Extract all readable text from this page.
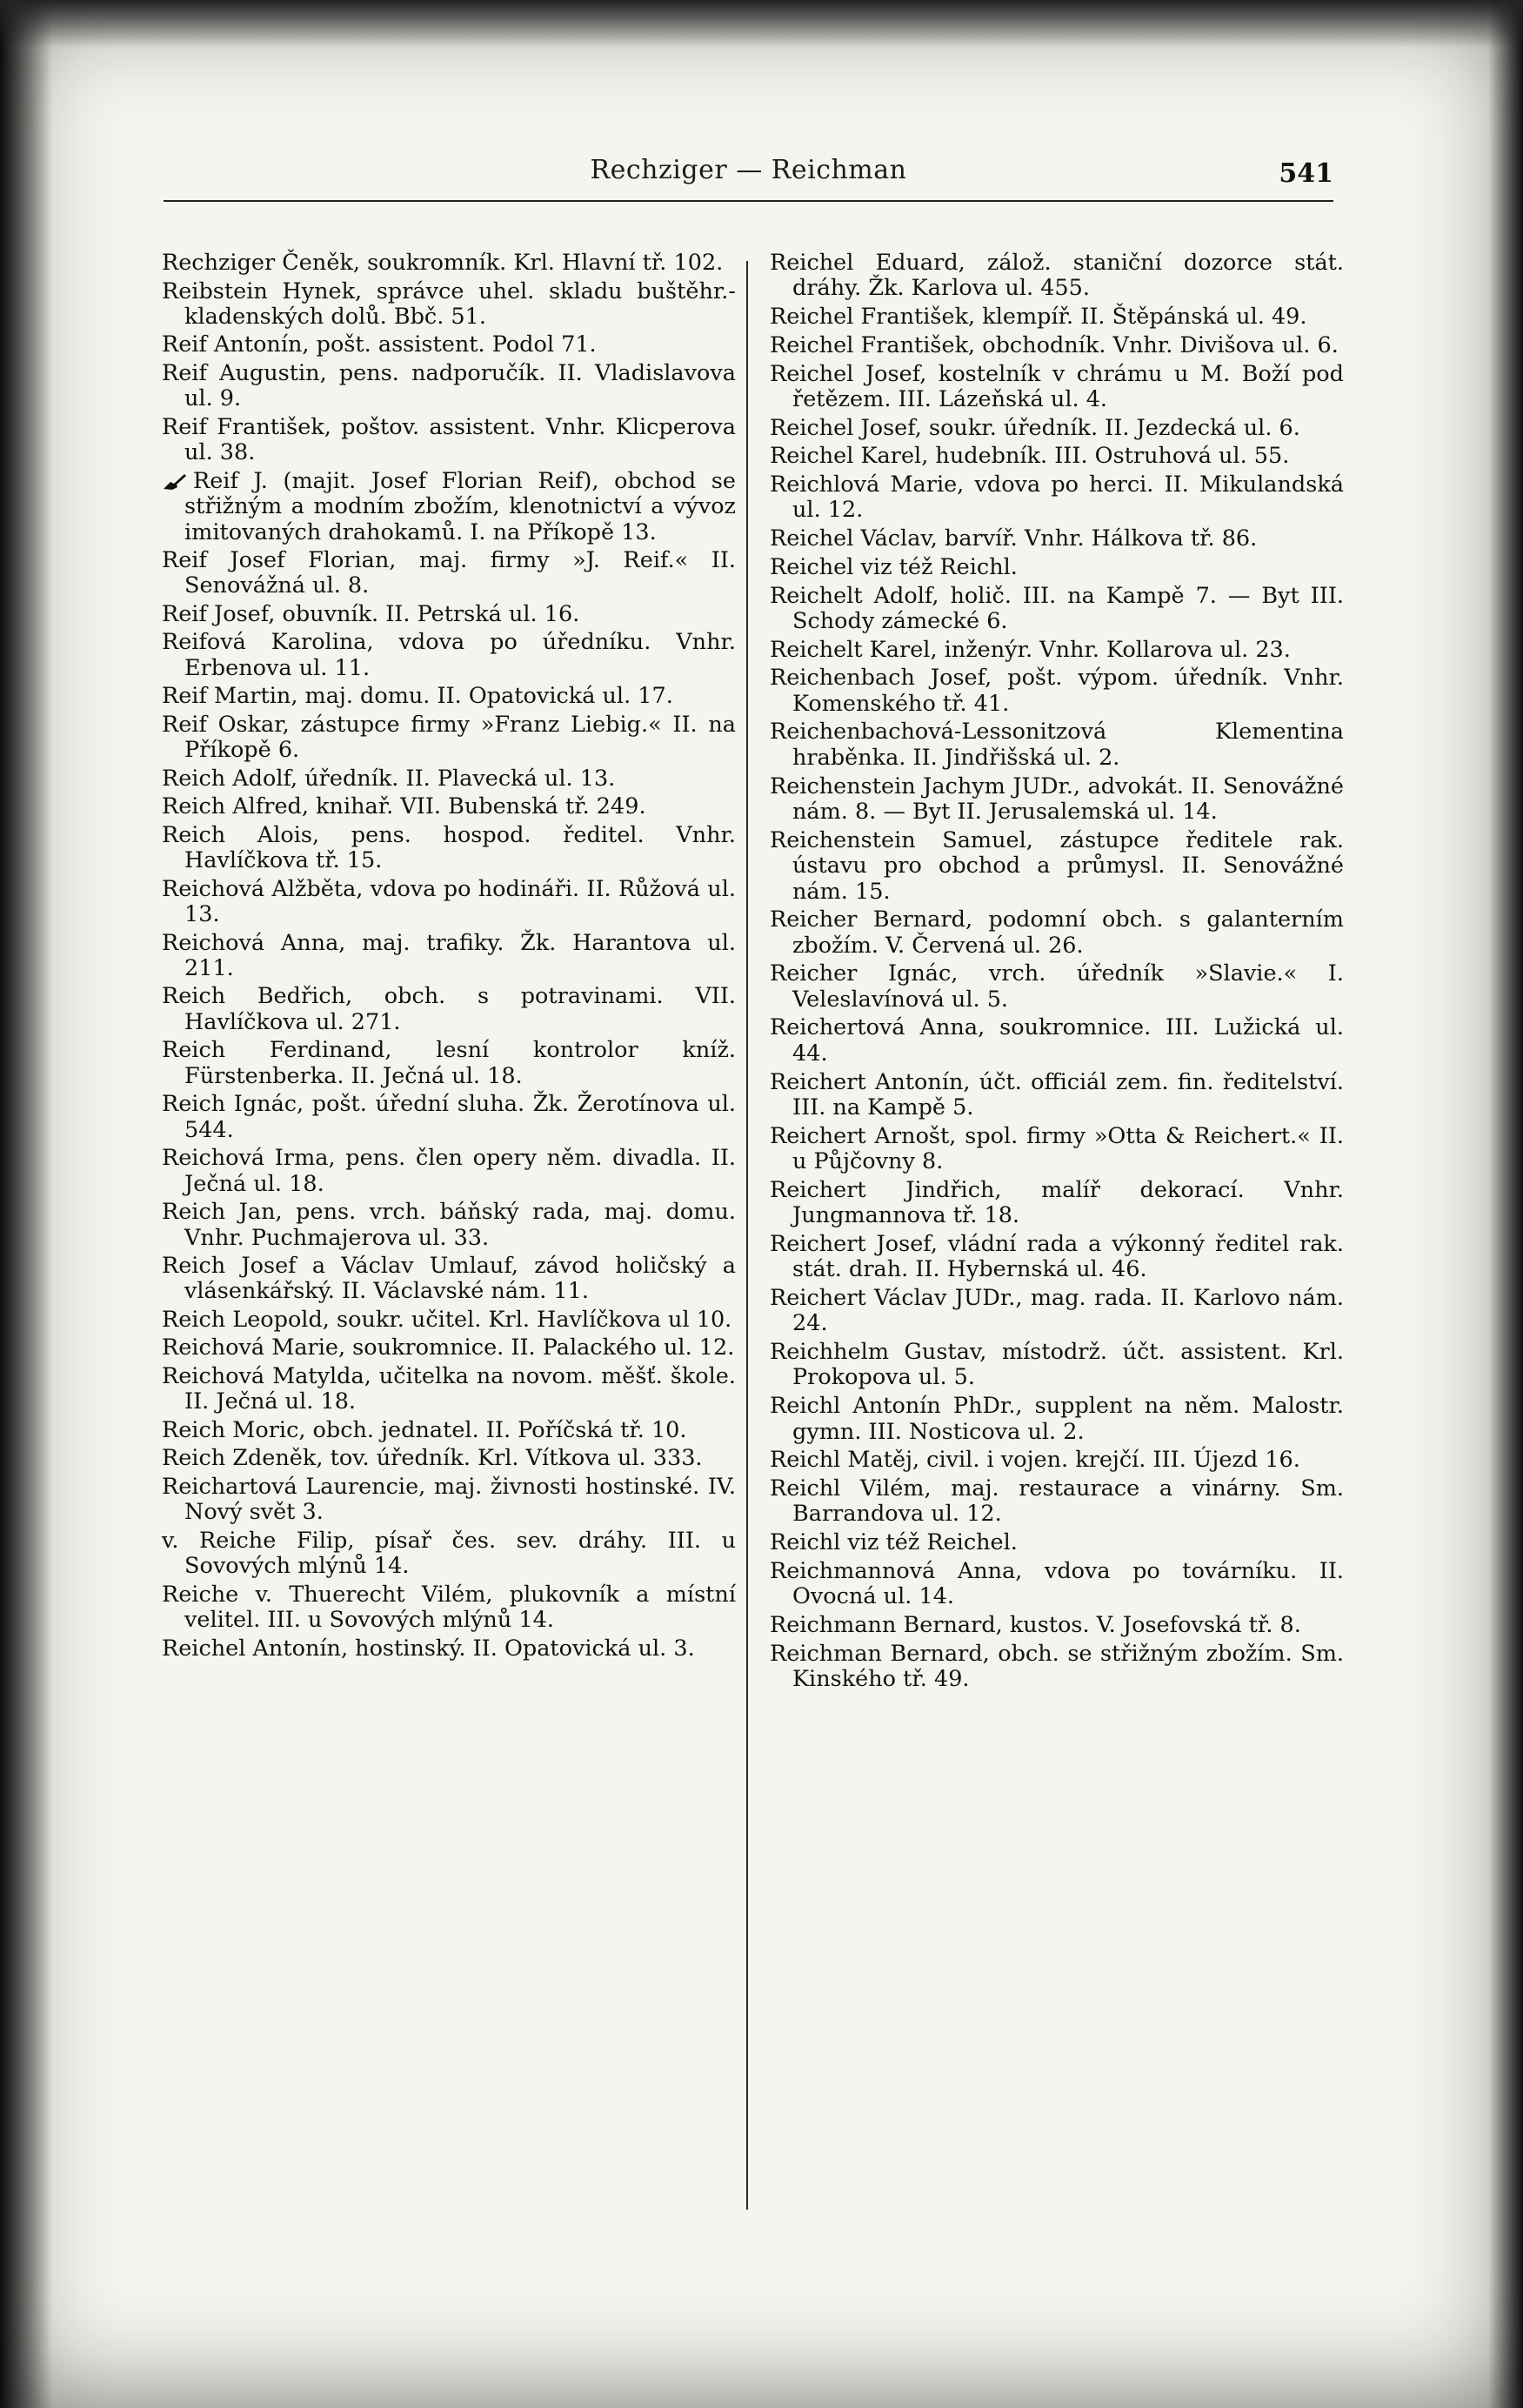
Rechziger — Reichman	541
Rechziger Čeněk, soukromník. Krl. Hlavní tř. 102.
Reibstein Hynek, správce uhel. skladu buštěhr.-kladenských dolů. Bbč. 51.
Reif Antonín, pošt. assistent. Podol 71.
Reif Augustin, pens. nadporučík. II. Vladislavova ul. 9.
Reif František, poštov. assistent. Vnhr. Klicperova ul. 38.
Reif J. (majit. Josef Florian Reif), obchod se střižným a modním zbožím, klenotnictví a vývoz imitovaných drahokamů. I. na Příkopě 13.
Reif Josef Florian, maj. firmy »J. Reif.« II. Senovážná ul. 8.
Reif Josef, obuvník. II. Petrská ul. 16.
Reifová Karolina, vdova po úředníku. Vnhr. Erbenova ul. 11.
Reif Martin, maj. domu. II. Opatovická ul. 17.
Reif Oskar, zástupce firmy »Franz Liebig.« II. na Příkopě 6.
Reich Adolf, úředník. II. Plavecká ul. 13.
Reich Alfred, knihař. VII. Bubenská tř. 249.
Reich Alois, pens. hospod. ředitel. Vnhr. Havlíčkova tř. 15.
Reichová Alžběta, vdova po hodináři. II. Růžová ul. 13.
Reichová Anna, maj. trafiky. Žk. Harantova ul. 211.
Reich Bedřich, obch. s potravinami. VII. Havlíčkova ul. 271.
Reich Ferdinand, lesní kontrolor kníž. Fürstenberka. II. Ječná ul. 18.
Reich Ignác, pošt. úřední sluha. Žk. Žerotínova ul. 544.
Reichová Irma, pens. člen opery něm. divadla. II. Ječná ul. 18.
Reich Jan, pens. vrch. báňský rada, maj. domu. Vnhr. Puchmajerova ul. 33.
Reich Josef a Václav Umlauf, závod holičský a vlásenkářský. II. Václavské nám. 11.
Reich Leopold, soukr. učitel. Krl. Havlíčkova ul 10.
Reichová Marie, soukromnice. II. Palackého ul. 12.
Reichová Matylda, učitelka na novom. měšť. škole. II. Ječná ul. 18.
Reich Moric, obch. jednatel. II. Poříčská tř. 10.
Reich Zdeněk, tov. úředník. Krl. Vítkova ul. 333.
Reichartová Laurencie, maj. živnosti hostinské. IV. Nový svět 3.
v. Reiche Filip, písař čes. sev. dráhy. III. u Sovových mlýnů 14.
Reiche v. Thuerecht Vilém, plukovník a místní velitel. III. u Sovových mlýnů 14.
Reichel Antonín, hostinský. II. Opatovická ul. 3.
Reichel Eduard, zálož. staniční dozorce stát. dráhy. Žk. Karlova ul. 455.
Reichel František, klempíř. II. Štěpánská ul. 49.
Reichel František, obchodník. Vnhr. Divišova ul. 6.
Reichel Josef, kostelník v chrámu u M. Boží pod řetězem. III. Lázeňská ul. 4.
Reichel Josef, soukr. úředník. II. Jezdecká ul. 6.
Reichel Karel, hudebník. III. Ostruhová ul. 55.
Reichlová Marie, vdova po herci. II. Mikulandská ul. 12.
Reichel Václav, barvíř. Vnhr. Hálkova tř. 86.
Reichel viz též Reichl.
Reichelt Adolf, holič. III. na Kampě 7. — Byt III. Schody zámecké 6.
Reichelt Karel, inženýr. Vnhr. Kollarova ul. 23.
Reichenbach Josef, pošt. výpom. úředník. Vnhr. Komenského tř. 41.
Reichenbachová-Lessonitzová Klementina hraběnka. II. Jindřišská ul. 2.
Reichenstein Jachym JUDr., advokát. II. Senovážné nám. 8. — Byt II. Jerusalemská ul. 14.
Reichenstein Samuel, zástupce ředitele rak. ústavu pro obchod a průmysl. II. Senovážné nám. 15.
Reicher Bernard, podomní obch. s galanterním zbožím. V. Červená ul. 26.
Reicher Ignác, vrch. úředník »Slavie.« I. Veleslavínová ul. 5.
Reichertová Anna, soukromnice. III. Lužická ul. 44.
Reichert Antonín, účt. officiál zem. fin. ředitelství. III. na Kampě 5.
Reichert Arnošt, spol. firmy »Otta & Reichert.« II. u Půjčovny 8.
Reichert Jindřich, malíř dekorací. Vnhr. Jungmannova tř. 18.
Reichert Josef, vládní rada a výkonný ředitel rak. stát. drah. II. Hybernská ul. 46.
Reichert Václav JUDr., mag. rada. II. Karlovo nám. 24.
Reichhelm Gustav, místodrž. účt. assistent. Krl. Prokopova ul. 5.
Reichl Antonín PhDr., supplent na něm. Malostr. gymn. III. Nosticova ul. 2.
Reichl Matěj, civil. i vojen. krejčí. III. Újezd 16.
Reichl Vilém, maj. restaurace a vinárny. Sm. Barrandova ul. 12.
Reichl viz též Reichel.
Reichmannová Anna, vdova po továrníku. II. Ovocná ul. 14.
Reichmann Bernard, kustos. V. Josefovská tř. 8.
Reichman Bernard, obch. se střižným zbožím. Sm. Kinského tř. 49.
